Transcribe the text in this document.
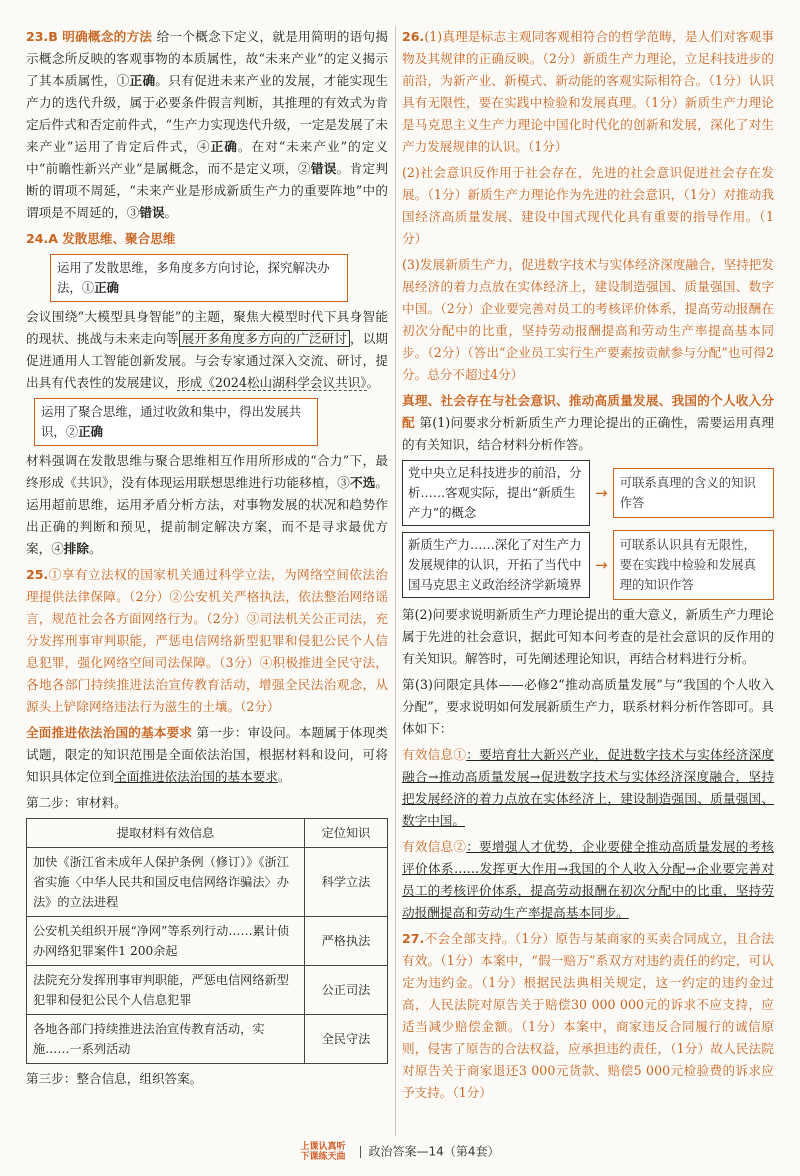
23.B 明确概念的方法 给一个概念下定义，就是用简明的语句揭示概念所反映的客观事物的本质属性，故“未来产业”的定义揭示了其本质属性，①正确。只有促进未来产业的发展，才能实现生产力的迭代升级，属于必要条件假言判断，其推理的有效式为肯定后件式和否定前件式，“生产力实现迭代升级，一定是发展了未来产业”运用了肯定后件式，④正确。在对“未来产业”的定义中“前瞻性新兴产业”是属概念，而不是定义项，②错误。肯定判断的谓项不周延，“未来产业是形成新质生产力的重要阵地”中的谓项是不周延的，③错误。

24.A 发散思维、聚合思维

运用了发散思维，多角度多方向讨论，探究解决办法，①正确

会议围绕“大模型具身智能”的主题，聚焦大模型时代下具身智能的现状、挑战与未来走向等 展开多角度多方向的广泛研讨 ，以期促进通用人工智能创新发展。与会专家通过深入交流、研讨，提出具有代表性的发展建议，形成《2024松山湖科学会议共识》。

运用了聚合思维，通过收敛和集中，得出发展共识，②正确

材料强调在发散思维与聚合思维相互作用所形成的“合力”下，最终形成《共识》，没有体现运用联想思维进行功能移植，③不选。运用超前思维，运用矛盾分析方法，对事物发展的状况和趋势作出正确的判断和预见，提前制定解决方案，而不是寻求最优方案，④排除。

25.①享有立法权的国家机关通过科学立法，为网络空间依法治理提供法律保障。（2分）②公安机关严格执法，依法整治网络谣言，规范社会各方面网络行为。（2分）③司法机关公正司法，充分发挥刑事审判职能，严惩电信网络新型犯罪和侵犯公民个人信息犯罪，强化网络空间司法保障。（3分）④积极推进全民守法，各地各部门持续推进法治宣传教育活动，增强全民法治观念，从源头上铲除网络违法行为滋生的土壤。（2分）

全面推进依法治国的基本要求 第一步：审设问。本题属于体现类试题，限定的知识范围是全面依法治国，根据材料和设问，可将知识具体定位到全面推进依法治国的基本要求。

第二步：审材料。

提取材料有效信息	定位知识
加快《浙江省未成年人保护条例（修订）》《浙江省实施〈中华人民共和国反电信网络诈骗法〉办法》的立法进程	科学立法
公安机关组织开展“净网”等系列行动……累计侦办网络犯罪案件1 200余起	严格执法
法院充分发挥刑事审判职能，严惩电信网络新型犯罪和侵犯公民个人信息犯罪	公正司法
各地各部门持续推进法治宣传教育活动，实施……一系列活动	全民守法

第三步：整合信息，组织答案。

26.(1)真理是标志主观同客观相符合的哲学范畴，是人们对客观事物及其规律的正确反映。（2分）新质生产力理论，立足科技进步的前沿，为新产业、新模式、新动能的客观实际相符合。（1分）认识具有无限性，要在实践中检验和发展真理。（1分）新质生产力理论是马克思主义生产力理论中国化时代化的创新和发展，深化了对生产力发展规律的认识。（1分）

(2)社会意识反作用于社会存在，先进的社会意识促进社会存在发展。（1分）新质生产力理论作为先进的社会意识，（1分）对推动我国经济高质量发展、建设中国式现代化具有重要的指导作用。（1分）

(3)发展新质生产力，促进数字技术与实体经济深度融合，坚持把发展经济的着力点放在实体经济上，建设制造强国、质量强国、数字中国。（2分）企业要完善对员工的考核评价体系，提高劳动报酬在初次分配中的比重，坚持劳动报酬提高和劳动生产率提高基本同步。（2分）（答出“企业员工实行生产要素按贡献参与分配”也可得2分。总分不超过4分）

真理、社会存在与社会意识、推动高质量发展、我国的个人收入分配 第(1)问要求分析新质生产力理论提出的正确性，需要运用真理的有关知识，结合材料分析作答。

党中央立足科技进步的前沿，分析……客观实际，提出“新质生产力”的概念
→
可联系真理的含义的知识作答
新质生产力……深化了对生产力发展规律的认识，开拓了当代中国马克思主义政治经济学新境界
→
可联系认识具有无限性，要在实践中检验和发展真理的知识作答

第(2)问要求说明新质生产力理论提出的重大意义，新质生产力理论属于先进的社会意识，据此可知本问考查的是社会意识的反作用的有关知识。解答时，可先阐述理论知识，再结合材料进行分析。

第(3)问限定具体——必修2“推动高质量发展”与“我国的个人收入分配”，要求说明如何发展新质生产力，联系材料分析作答即可。具体如下：

有效信息①：要培育壮大新兴产业，促进数字技术与实体经济深度融合→推动高质量发展→促进数字技术与实体经济深度融合，坚持把发展经济的着力点放在实体经济上，建设制造强国、质量强国、数字中国。

有效信息②：要增强人才优势，企业要健全推动高质量发展的考核评价体系……发挥更大作用→我国的个人收入分配→企业要完善对员工的考核评价体系，提高劳动报酬在初次分配中的比重，坚持劳动报酬提高和劳动生产率提高基本同步。

27.不会全部支持。（1分）原告与某商家的买卖合同成立，且合法有效。（1分）本案中，“假一赔万”系双方对违约责任的约定，可认定为违约金。（1分）根据民法典相关规定，这一约定的违约金过高，人民法院对原告关于赔偿30 000 000元的诉求不应支持，应适当减少赔偿金额。（1分）本案中，商家违反合同履行的诚信原则，侵害了原告的合法权益，应承担违约责任，（1分）故人民法院对原告关于商家退还3 000元货款、赔偿5 000元检验费的诉求应予支持。（1分）

上课认真听
下课练天曲 政治答案—14（第4套）
